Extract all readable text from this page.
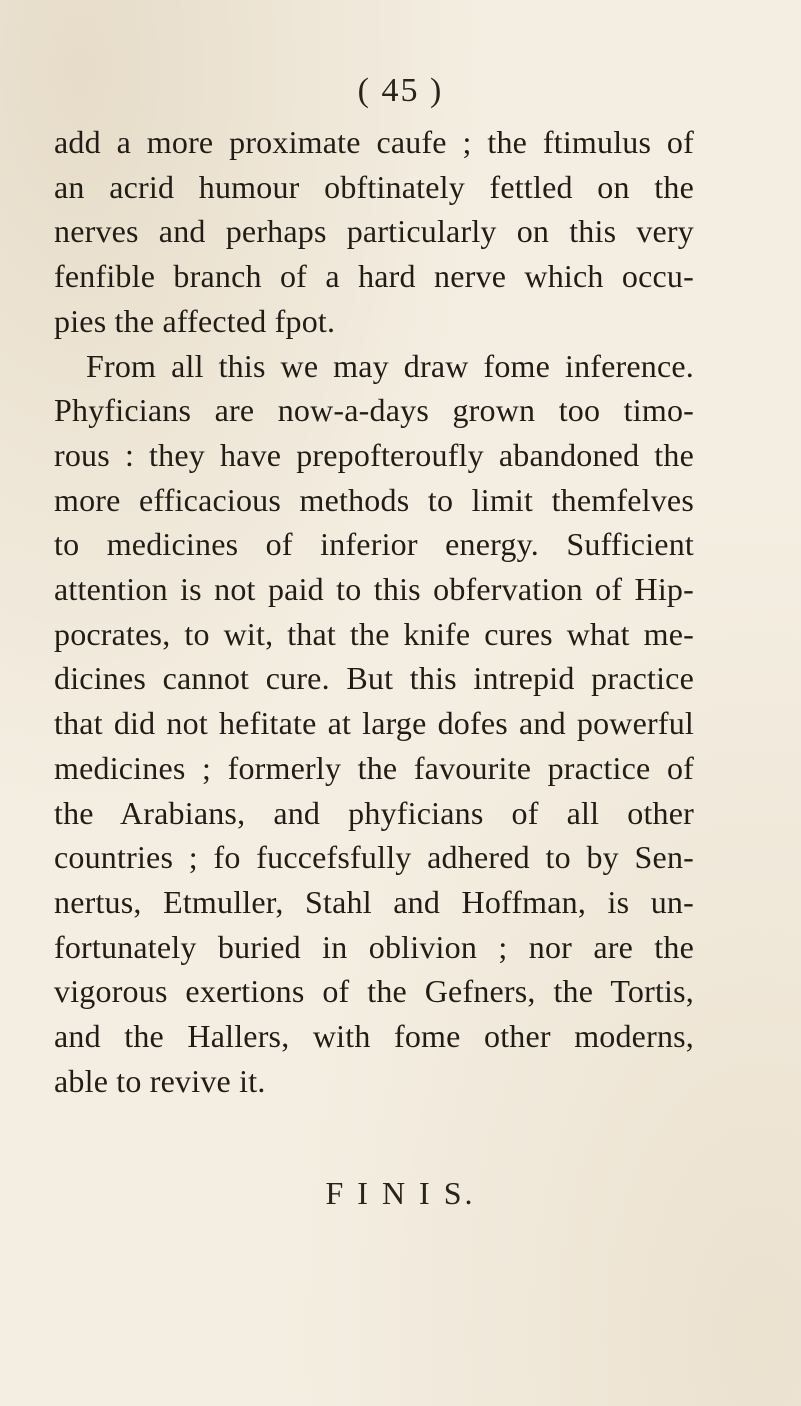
( 45 )
add a more proximate caufe ; the ftimulus of
an acrid humour obftinately fettled on the
nerves and perhaps particularly on this very
fenfible branch of a hard nerve which occu-
pies the affected fpot.
From all this we may draw fome inference.
Phyficians are now-a-days grown too timo-
rous : they have prepofteroufly abandoned the
more efficacious methods to limit themfelves
to medicines of inferior energy. Sufficient
attention is not paid to this obfervation of Hip-
pocrates, to wit, that the knife cures what me-
dicines cannot cure. But this intrepid practice
that did not hefitate at large dofes and powerful
medicines ; formerly the favourite practice of
the Arabians, and phyficians of all other
countries ; fo fuccefsfully adhered to by Sen-
nertus, Etmuller, Stahl and Hoffman, is un-
fortunately buried in oblivion ; nor are the
vigorous exertions of the Gefners, the Tortis,
and the Hallers, with fome other moderns,
able to revive it.
F I N I S.
